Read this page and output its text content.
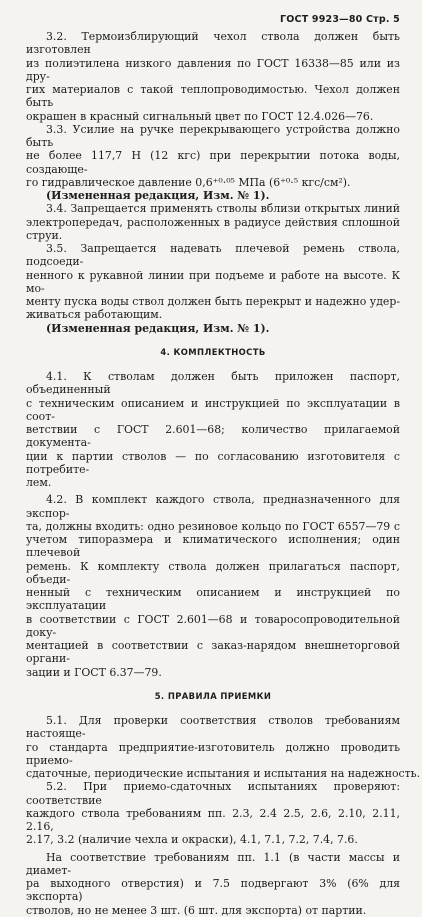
ГОСТ 9923—80 Стр. 5
3.2. Термоизблирующий чехол ствола должен быть изготовлен
из полиэтилена низкого давления по ГОСТ 16338—85 или из дру-
гих материалов с такой теплопроводимостью. Чехол должен быть
окрашен в красный сигнальный цвет по ГОСТ 12.4.026—76.
3.3. Усилие на ручке перекрывающего устройства должно быть
не более 117,7 Н (12 кгс) при перекрытии потока воды, создающе-
го гидравлическое давление 0,6⁺⁰·⁰⁵ МПа (6⁺⁰·⁵ кгс/см²).
(Измененная редакция, Изм. № 1).
3.4. Запрещается применять стволы вблизи открытых линий
электропередач, расположенных в радиусе действия сплошной
струи.
3.5. Запрещается надевать плечевой ремень ствола, подсоеди-
ненного к рукавной линии при подъеме и работе на высоте. К мо-
менту пуска воды ствол должен быть перекрыт и надежно удер-
живаться работающим.
(Измененная редакция, Изм. № 1).
4. КОМПЛЕКТНОСТЬ
4.1. К стволам должен быть приложен паспорт, объединенный
с техническим описанием и инструкцией по эксплуатации в соот-
ветствии с ГОСТ 2.601—68; количество прилагаемой документа-
ции к партии стволов — по согласованию изготовителя с потребите-
лем.
4.2. В комплект каждого ствола, предназначенного для экспор-
та, должны входить: одно резиновое кольцо по ГОСТ 6557—79 с
учетом типоразмера и климатического исполнения; один плечевой
ремень. К комплекту ствола должен прилагаться паспорт, объеди-
ненный с техническим описанием и инструкцией по эксплуатации
в соответствии с ГОСТ 2.601—68 и товаросопроводительной доку-
ментацией в соответствии с заказ-нарядом внешнеторговой органи-
зации и ГОСТ 6.37—79.
5. ПРАВИЛА ПРИЕМКИ
5.1. Для проверки соответствия стволов требованиям настояще-
го стандарта предприятие-изготовитель должно проводить приемо-
сдаточные, периодические испытания и испытания на надежность.
5.2. При приемо-сдаточных испытаниях проверяют: соответствие
каждого ствола требованиям пп. 2.3, 2.4 2.5, 2.6, 2.10, 2.11, 2.16,
2.17, 3.2 (наличие чехла и окраски), 4.1, 7.1, 7.2, 7.4, 7.6.
На соответствие требованиям пп. 1.1 (в части массы и диамет-
ра выходного отверстия) и 7.5 подвергают 3% (6% для экспорта)
стволов, но не менее 3 шт. (6 шт. для экспорта) от партии.
